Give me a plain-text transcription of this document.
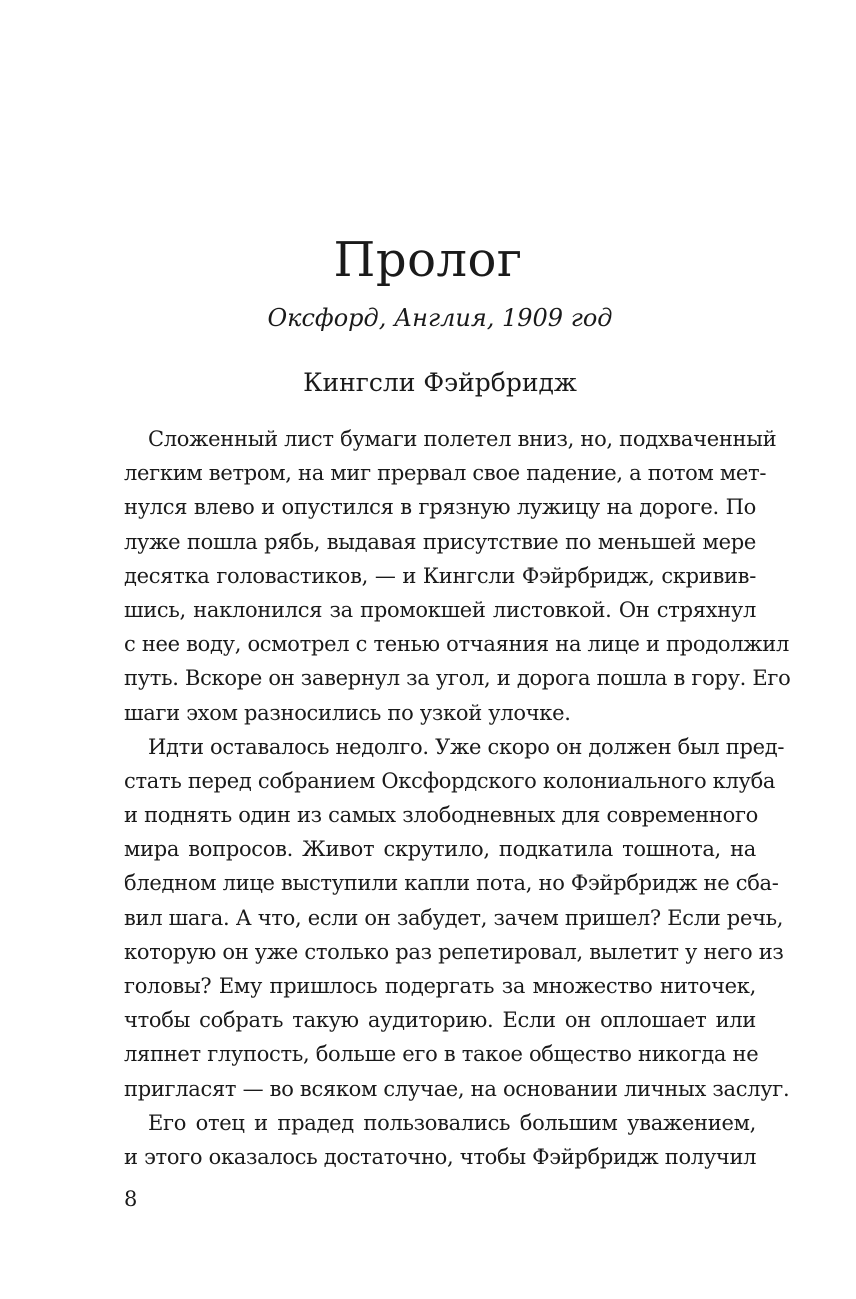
Пролог

Оксфорд, Англия, 1909 год

Кингсли Фэйрбридж

Сложенный лист бумаги полетел вниз, но, подхваченный
легким ветром, на миг прервал свое падение, а потом мет-
нулся влево и опустился в грязную лужицу на дороге. По
луже пошла рябь, выдавая присутствие по меньшей мере
десятка головастиков, — и Кингсли Фэйрбридж, скривив-
шись, наклонился за промокшей листовкой. Он стряхнул
с нее воду, осмотрел с тенью отчаяния на лице и продолжил
путь. Вскоре он завернул за угол, и дорога пошла в гору. Его
шаги эхом разносились по узкой улочке.
Идти оставалось недолго. Уже скоро он должен был пред-
стать перед собранием Оксфордского колониального клуба
и поднять один из самых злободневных для современного
мира вопросов. Живот скрутило, подкатила тошнота, на
бледном лице выступили капли пота, но Фэйрбридж не сба-
вил шага. А что, если он забудет, зачем пришел? Если речь,
которую он уже столько раз репетировал, вылетит у него из
головы? Ему пришлось подергать за множество ниточек,
чтобы собрать такую аудиторию. Если он оплошает или
ляпнет глупость, больше его в такое общество никогда не
пригласят — во всяком случае, на основании личных заслуг.
Его отец и прадед пользовались большим уважением,
и этого оказалось достаточно, чтобы Фэйрбридж получил

8
